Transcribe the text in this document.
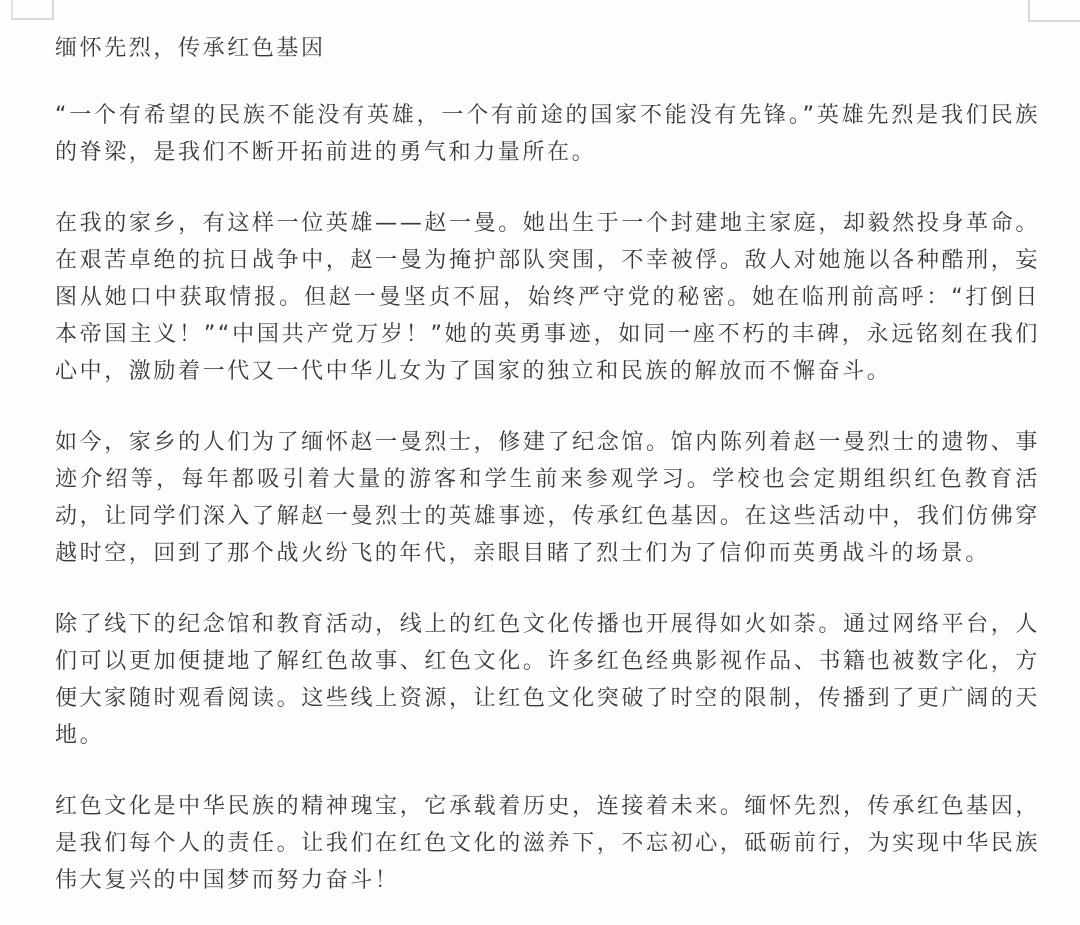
缅怀先烈，传承红色基因

“一个有希望的民族不能没有英雄，一个有前途的国家不能没有先锋。”英雄先烈是我们民族的脊梁，是我们不断开拓前进的勇气和力量所在。

在我的家乡，有这样一位英雄——赵一曼。她出生于一个封建地主家庭，却毅然投身革命。在艰苦卓绝的抗日战争中，赵一曼为掩护部队突围，不幸被俘。敌人对她施以各种酷刑，妄图从她口中获取情报。但赵一曼坚贞不屈，始终严守党的秘密。她在临刑前高呼：“打倒日本帝国主义！”“中国共产党万岁！”她的英勇事迹，如同一座不朽的丰碑，永远铭刻在我们心中，激励着一代又一代中华儿女为了国家的独立和民族的解放而不懈奋斗。

如今，家乡的人们为了缅怀赵一曼烈士，修建了纪念馆。馆内陈列着赵一曼烈士的遗物、事迹介绍等，每年都吸引着大量的游客和学生前来参观学习。学校也会定期组织红色教育活动，让同学们深入了解赵一曼烈士的英雄事迹，传承红色基因。在这些活动中，我们仿佛穿越时空，回到了那个战火纷飞的年代，亲眼目睹了烈士们为了信仰而英勇战斗的场景。

除了线下的纪念馆和教育活动，线上的红色文化传播也开展得如火如荼。通过网络平台，人们可以更加便捷地了解红色故事、红色文化。许多红色经典影视作品、书籍也被数字化，方便大家随时观看阅读。这些线上资源，让红色文化突破了时空的限制，传播到了更广阔的天地。

红色文化是中华民族的精神瑰宝，它承载着历史，连接着未来。缅怀先烈，传承红色基因，是我们每个人的责任。让我们在红色文化的滋养下，不忘初心，砥砺前行，为实现中华民族伟大复兴的中国梦而努力奋斗！
